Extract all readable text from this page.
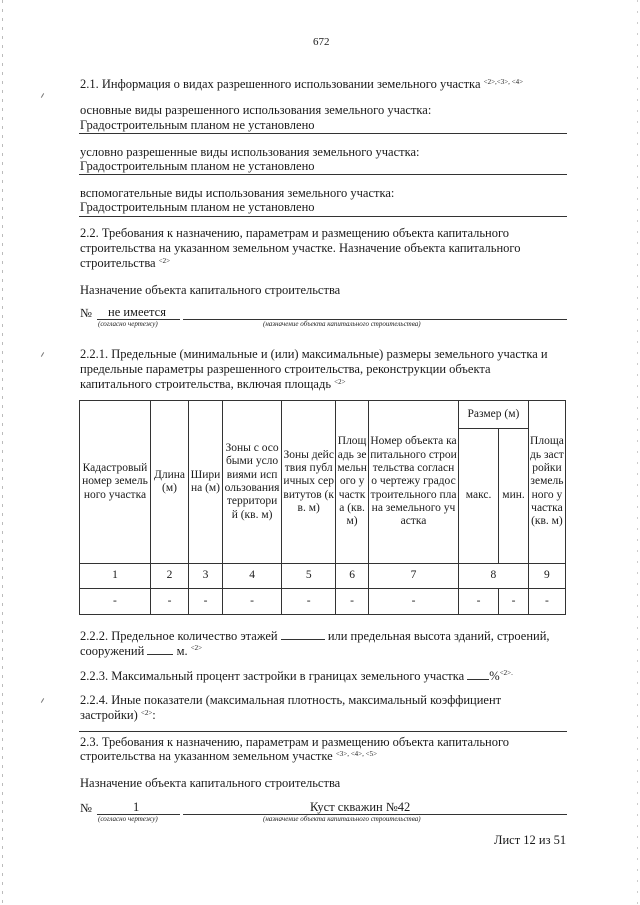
672
2.1. Информация о видах разрешенного использовании земельного участка $^{<2>,<3>, <4>}$
основные виды разрешенного использования земельного участка:
Градостроительным планом не установлено
условно разрешенные виды использования земельного участка:
Градостроительным планом не установлено
вспомогательные виды использования земельного участка:
Градостроительным планом не установлено
2.2. Требования к назначению, параметрам и размещению объекта капитального
строительства на указанном земельном участке. Назначение объекта капитального
строительства $^{<2>}$
Назначение объекта капитального строительства
№ не имеется
(согласно чертежу)	(назначение объекта капитального строительства)
2.2.1. Предельные (минимальные и (или) максимальные) размеры земельного участка и
предельные параметры разрешенного строительства, реконструкции объекта
капитального строительства, включая площадь $^{<2>}$
Кадастровый номер земельного участка	Длина (м)	Ширина (м)	Зоны с особыми условиями использования территорий (кв. м)	Зоны действия публичных сервитутов (кв. м)	Площадь земельного участка (кв. м)	Номер объекта капитального строительства согласно чертежу градостроительного плана земельного участка	Размер (м)		Площадь застройки земельного участка (кв. м)
							макс.	мин.	
1	2	3	4	5	6	7	8		9
-	-	-	-	-	-	-	-	-	-
2.2.2. Предельное количество этажей	или предельная высота зданий, строений,
сооружений	м. $^{<2>}$
2.2.3. Максимальный процент застройки в границах земельного участка %$^{<2>.}$
2.2.4. Иные показатели (максимальная плотность, максимальный коэффициент
застройки) $^{<2>}$:
2.3. Требования к назначению, параметрам и размещению объекта капитального
строительства на указанном земельном участке $^{<3>, <4>, <5>}$
Назначение объекта капитального строительства
№	1	Куст скважин №42
(согласно чертежу)	(назначение объекта капитального строительства)
Лист 12 из 51
